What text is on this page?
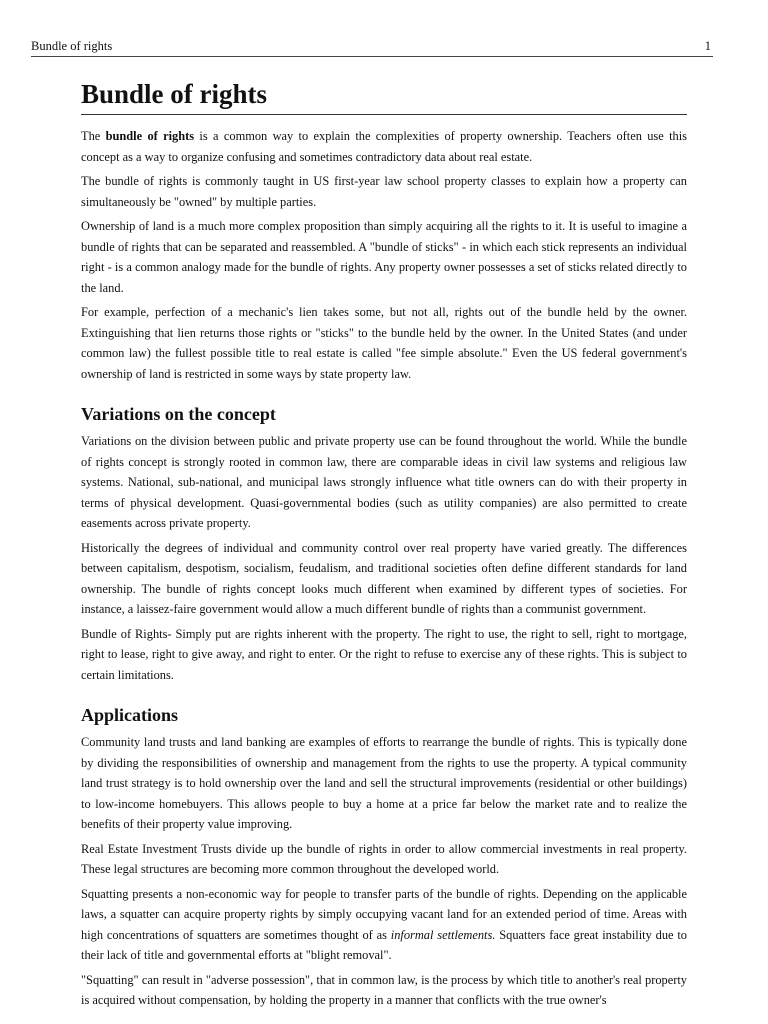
Bundle of rights	1
Bundle of rights

The bundle of rights is a common way to explain the complexities of property ownership. Teachers often use this concept as a way to organize confusing and sometimes contradictory data about real estate.

The bundle of rights is commonly taught in US first-year law school property classes to explain how a property can simultaneously be "owned" by multiple parties.

Ownership of land is a much more complex proposition than simply acquiring all the rights to it. It is useful to imagine a bundle of rights that can be separated and reassembled. A "bundle of sticks" - in which each stick represents an individual right - is a common analogy made for the bundle of rights. Any property owner possesses a set of sticks related directly to the land.

For example, perfection of a mechanic's lien takes some, but not all, rights out of the bundle held by the owner. Extinguishing that lien returns those rights or "sticks" to the bundle held by the owner. In the United States (and under common law) the fullest possible title to real estate is called "fee simple absolute." Even the US federal government's ownership of land is restricted in some ways by state property law.

Variations on the concept

Variations on the division between public and private property use can be found throughout the world. While the bundle of rights concept is strongly rooted in common law, there are comparable ideas in civil law systems and religious law systems. National, sub-national, and municipal laws strongly influence what title owners can do with their property in terms of physical development. Quasi-governmental bodies (such as utility companies) are also permitted to create easements across private property.

Historically the degrees of individual and community control over real property have varied greatly. The differences between capitalism, despotism, socialism, feudalism, and traditional societies often define different standards for land ownership. The bundle of rights concept looks much different when examined by different types of societies. For instance, a laissez-faire government would allow a much different bundle of rights than a communist government.

Bundle of Rights- Simply put are rights inherent with the property. The right to use, the right to sell, right to mortgage, right to lease, right to give away, and right to enter. Or the right to refuse to exercise any of these rights. This is subject to certain limitations.

Applications

Community land trusts and land banking are examples of efforts to rearrange the bundle of rights. This is typically done by dividing the responsibilities of ownership and management from the rights to use the property. A typical community land trust strategy is to hold ownership over the land and sell the structural improvements (residential or other buildings) to low-income homebuyers. This allows people to buy a home at a price far below the market rate and to realize the benefits of their property value improving.

Real Estate Investment Trusts divide up the bundle of rights in order to allow commercial investments in real property. These legal structures are becoming more common throughout the developed world.

Squatting presents a non-economic way for people to transfer parts of the bundle of rights. Depending on the applicable laws, a squatter can acquire property rights by simply occupying vacant land for an extended period of time. Areas with high concentrations of squatters are sometimes thought of as informal settlements. Squatters face great instability due to their lack of title and governmental efforts at "blight removal".

"Squatting" can result in "adverse possession", that in common law, is the process by which title to another's real property is acquired without compensation, by holding the property in a manner that conflicts with the true owner's
